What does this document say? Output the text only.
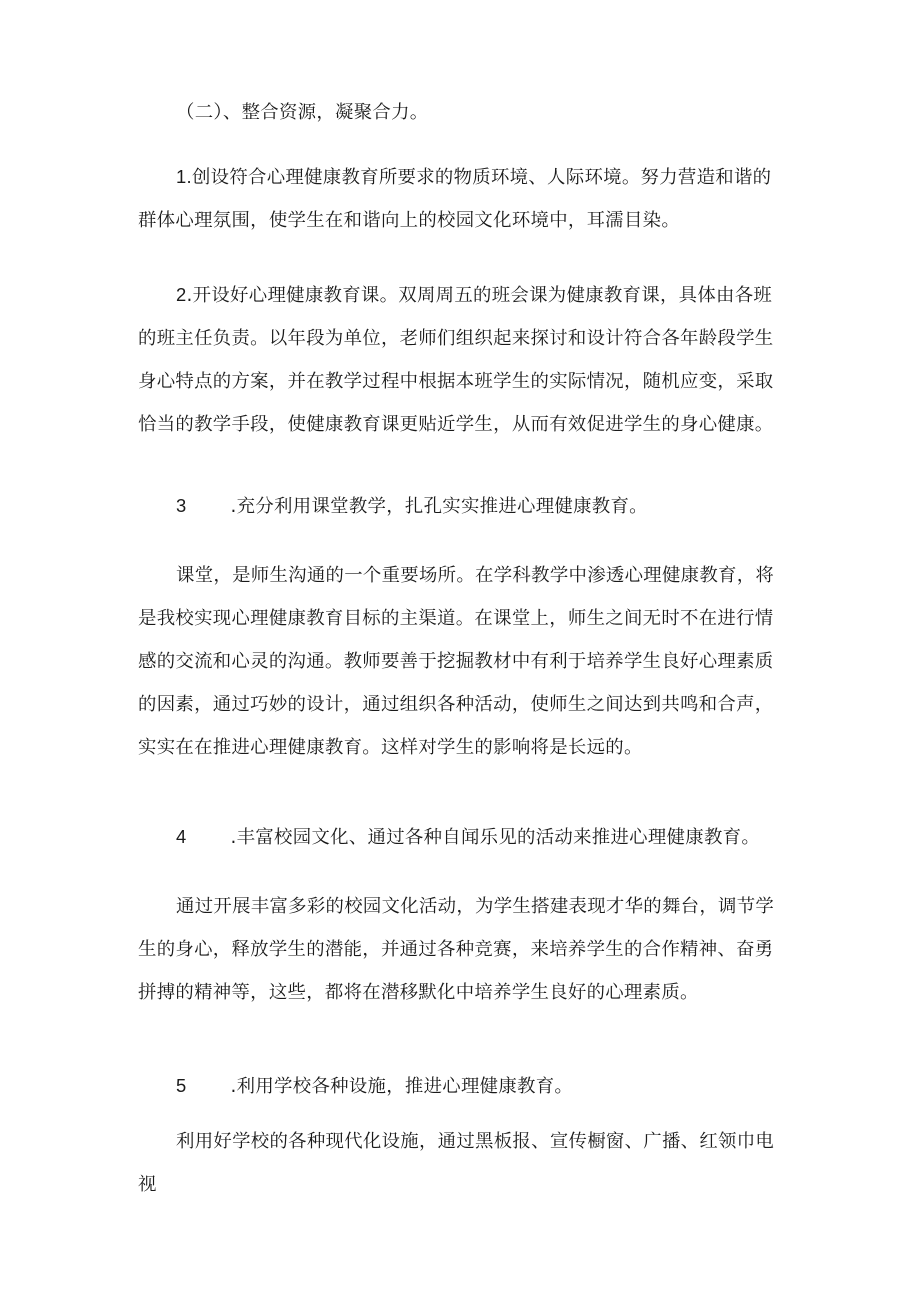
（二）、整合资源，凝聚合力。

1.创设符合心理健康教育所要求的物质环境、人际环境。努力营造和谐的群体心理氛围，使学生在和谐向上的校园文化环境中，耳濡目染。

2.开设好心理健康教育课。双周周五的班会课为健康教育课，具体由各班的班主任负责。以年段为单位，老师们组织起来探讨和设计符合各年龄段学生身心特点的方案，并在教学过程中根据本班学生的实际情况，随机应变，采取恰当的教学手段，使健康教育课更贴近学生，从而有效促进学生的身心健康。

3 .充分利用课堂教学，扎孔实实推进心理健康教育。

课堂，是师生沟通的一个重要场所。在学科教学中渗透心理健康教育，将是我校实现心理健康教育目标的主渠道。在课堂上，师生之间无时不在进行情感的交流和心灵的沟通。教师要善于挖掘教材中有利于培养学生良好心理素质的因素，通过巧妙的设计，通过组织各种活动，使师生之间达到共鸣和合声，实实在在推进心理健康教育。这样对学生的影响将是长远的。

4 .丰富校园文化、通过各种自闻乐见的活动来推进心理健康教育。

通过开展丰富多彩的校园文化活动，为学生搭建表现才华的舞台，调节学生的身心，释放学生的潜能，并通过各种竞赛，来培养学生的合作精神、奋勇拼搏的精神等，这些，都将在潜移默化中培养学生良好的心理素质。

5 .利用学校各种设施，推进心理健康教育。

利用好学校的各种现代化设施，通过黑板报、宣传橱窗、广播、红领巾电视
